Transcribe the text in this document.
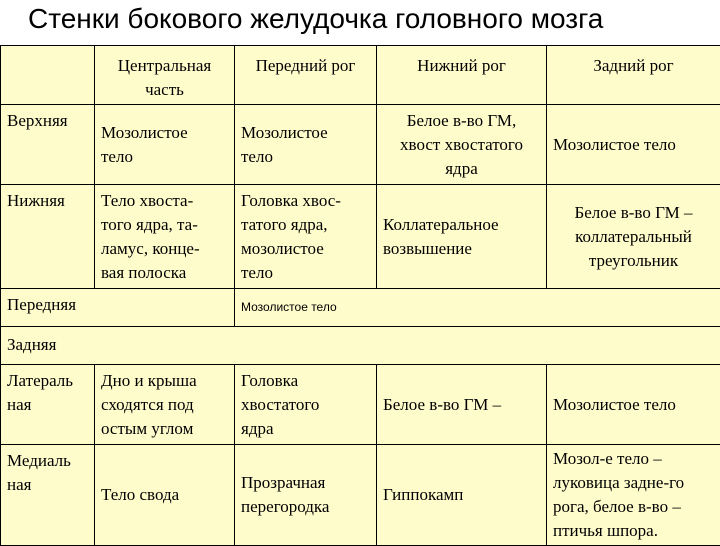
Стенки бокового желудочка головного мозга

	Центральная
часть	Передний рог	Нижний рог	Задний рог
Верхняя	Мозолистое
тело	Мозолистое
тело	Белое в-во ГМ,
хвост хвостатого
ядра	Мозолистое тело
Нижняя	Тело хвоста-
того ядра, та-
ламус, конце-
вая полоска	Головка хвос-
татого ядра,
мозолистое
тело	Коллатеральное
возвышение	Белое в-во ГМ –
коллатеральный
треугольник

Передняя		Мозолистое тело		
Задняя				

Латераль
ная	Дно и крыша
сходятся под
остым углом	Головка
хвостатого
ядра	Белое в-во ГМ –	Мозолистое тело

Медиаль
ная	Тело свода	Прозрачная
перегородка	Гиппокамп	Мозол-е тело –
луковица задне-го
рога, белое в-во –
птичья шпора.
